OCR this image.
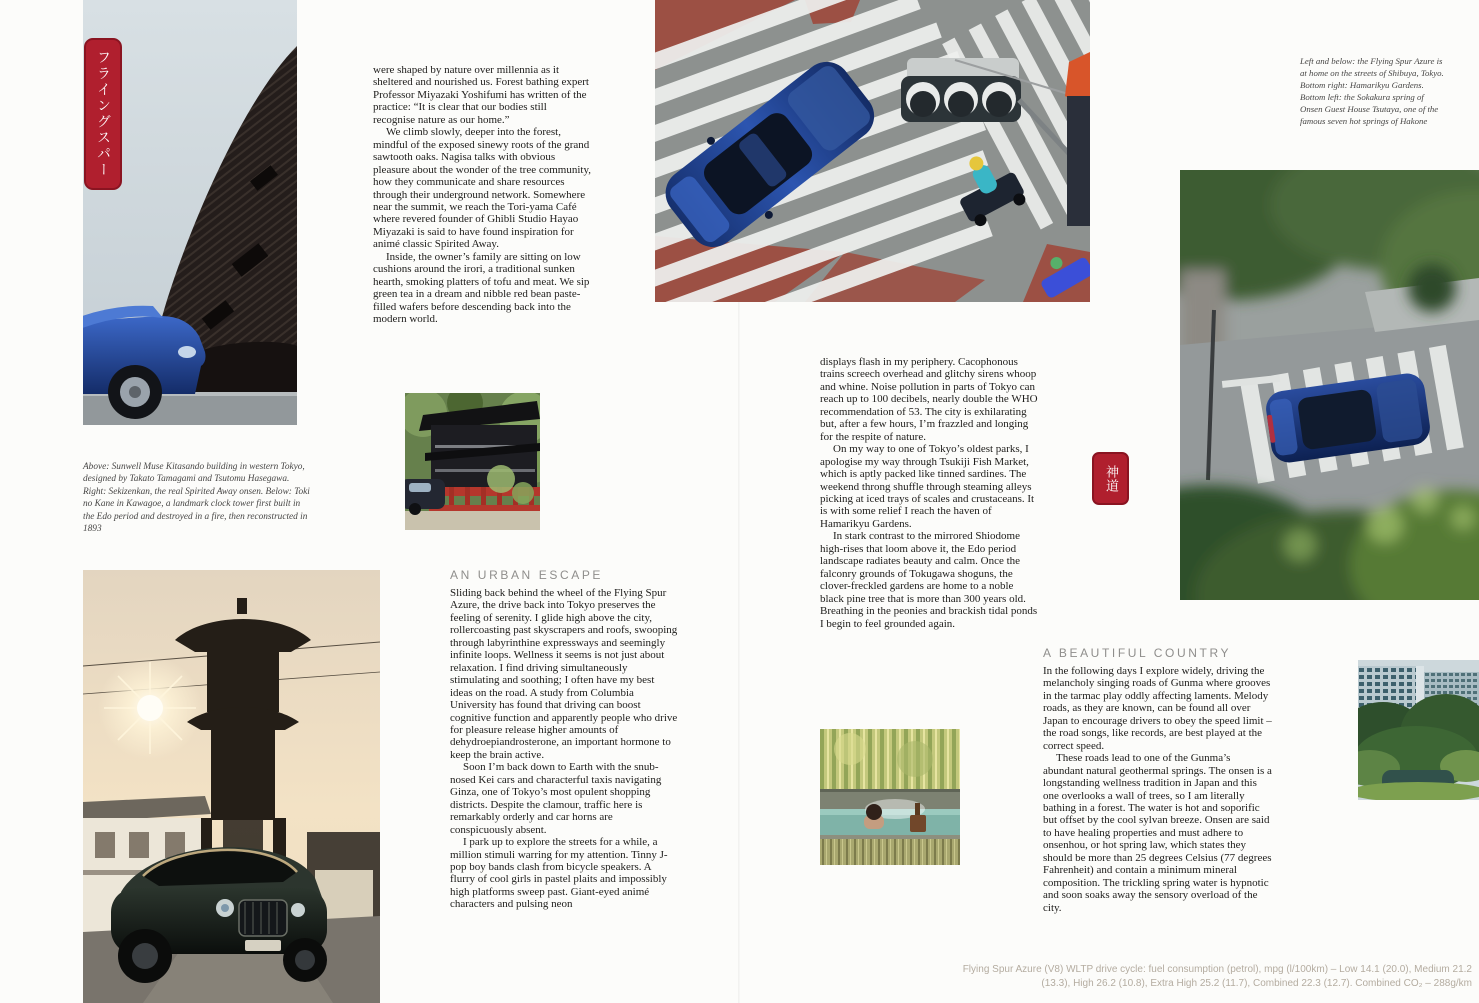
フライングスパー
Above: Sunwell Muse Kitasando building in western Tokyo, designed by Takato Tamagami and Tsutomu Hasegawa. Right: Sekizenkan, the real Spirited Away onsen. Below: Toki no Kane in Kawagoe, a landmark clock tower first built in the Edo period and destroyed in a fire, then reconstructed in 1893

were shaped by nature over millennia as it sheltered and nourished us. Forest bathing expert Professor Miyazaki Yoshifumi has written of the practice: “It is clear that our bodies still recognise nature as our home.”

We climb slowly, deeper into the forest, mindful of the exposed sinewy roots of the grand sawtooth oaks. Nagisa talks with obvious pleasure about the wonder of the tree community, how they communicate and share resources through their underground network. Somewhere near the summit, we reach the Tori-yama Café where revered founder of Ghibli Studio Hayao Miyazaki is said to have found inspiration for animé classic Spirited Away.

Inside, the owner’s family are sitting on low cushions around the irori, a traditional sunken hearth, smoking platters of tofu and meat. We sip green tea in a dream and nibble red bean paste-filled wafers before descending back into the modern world.

AN URBAN ESCAPE

Sliding back behind the wheel of the Flying Spur Azure, the drive back into Tokyo preserves the feeling of serenity. I glide high above the city, rollercoasting past skyscrapers and roofs, swooping through labyrinthine expressways and seemingly infinite loops. Wellness it seems is not just about relaxation. I find driving simultaneously stimulating and soothing; I often have my best ideas on the road. A study from Columbia University has found that driving can boost cognitive function and apparently people who drive for pleasure release higher amounts of dehydroepiandrosterone, an important hormone to keep the brain active.

Soon I’m back down to Earth with the snub-nosed Kei cars and characterful taxis navigating Ginza, one of Tokyo’s most opulent shopping districts. Despite the clamour, traffic here is remarkably orderly and car horns are conspicuously absent.

I park up to explore the streets for a while, a million stimuli warring for my attention. Tinny J-pop boy bands clash from bicycle speakers. A flurry of cool girls in pastel plaits and impossibly high platforms sweep past. Giant-eyed animé characters and pulsing neon

displays flash in my periphery. Cacophonous trains screech overhead and glitchy sirens whoop and whine. Noise pollution in parts of Tokyo can reach up to 100 decibels, nearly double the WHO recommendation of 53. The city is exhilarating but, after a few hours, I’m frazzled and longing for the respite of nature.

On my way to one of Tokyo’s oldest parks, I apologise my way through Tsukiji Fish Market, which is aptly packed like tinned sardines. The weekend throng shuffle through steaming alleys picking at iced trays of scales and crustaceans. It is with some relief I reach the haven of Hamarikyu Gardens.

In stark contrast to the mirrored Shiodome high-rises that loom above it, the Edo period landscape radiates beauty and calm. Once the falconry grounds of Tokugawa shoguns, the clover-freckled gardens are home to a noble black pine tree that is more than 300 years old. Breathing in the peonies and brackish tidal ponds I begin to feel grounded again.

神道
A BEAUTIFUL COUNTRY

In the following days I explore widely, driving the melancholy singing roads of Gunma where grooves in the tarmac play oddly affecting laments. Melody roads, as they are known, can be found all over Japan to encourage drivers to obey the speed limit – the road songs, like records, are best played at the correct speed.

These roads lead to one of the Gunma’s abundant natural geothermal springs. The onsen is a longstanding wellness tradition in Japan and this one overlooks a wall of trees, so I am literally bathing in a forest. The water is hot and soporific but offset by the cool sylvan breeze. Onsen are said to have healing properties and must adhere to onsenhou, or hot spring law, which states they should be more than 25 degrees Celsius (77 degrees Fahrenheit) and contain a minimum mineral composition. The trickling spring water is hypnotic and soon soaks away the sensory overload of the city.

Left and below: the Flying Spur Azure is at home on the streets of Shibuya, Tokyo. Bottom right: Hamarikyu Gardens. Bottom left: the Sokakura spring of Onsen Guest House Tsutaya, one of the famous seven hot springs of Hakone
Flying Spur Azure (V8) WLTP drive cycle: fuel consumption (petrol), mpg (l/100km) – Low 14.1 (20.0), Medium 21.2 (13.3), High 26.2 (10.8), Extra High 25.2 (11.7), Combined 22.3 (12.7). Combined CO₂ – 288g/km
